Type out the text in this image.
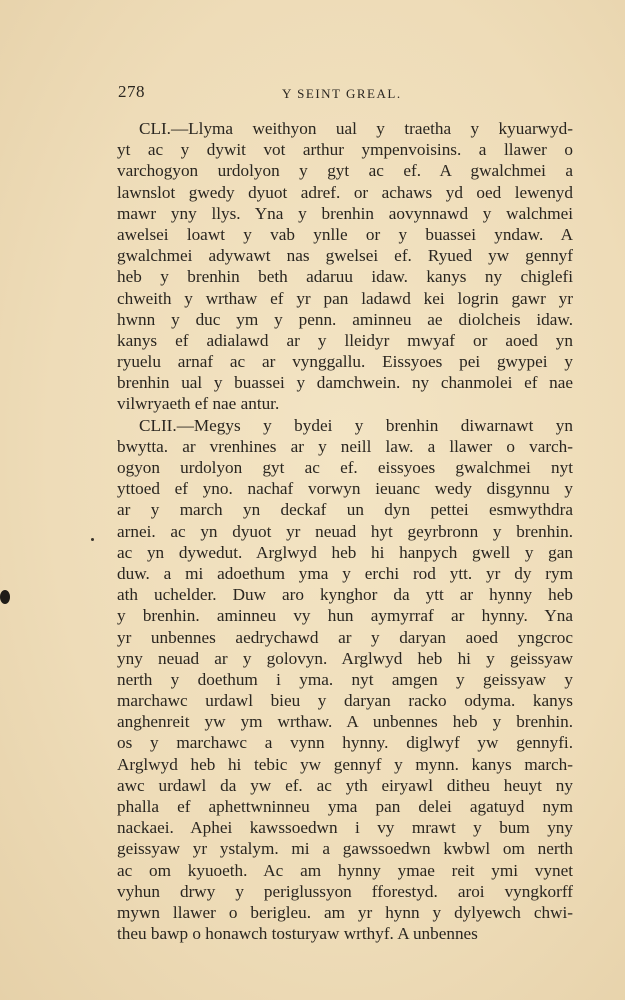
278	Y SEINT GREAL.
CLI.—Llyma weithyon ual y traetha y kyuarwyd-
yt ac y dywit vot arthur ympenvoisins. a llawer o
varchogyon urdolyon y gyt ac ef. A gwalchmei a
lawnslot gwedy dyuot adref. or achaws yd oed lewenyd
mawr yny llys. Yna y brenhin aovynnawd y walchmei
awelsei loawt y vab ynlle or y buassei yndaw. A
gwalchmei adywawt nas gwelsei ef. Ryued yw gennyf
heb y brenhin beth adaruu idaw. kanys ny chiglefi
chweith y wrthaw ef yr pan ladawd kei logrin gawr yr
hwnn y duc ym y penn. aminneu ae diolcheis idaw.
kanys ef adialawd ar y lleidyr mwyaf or aoed yn
ryuelu arnaf ac ar vynggallu. Eissyoes pei gwypei y
brenhin ual y buassei y damchwein. ny chanmolei ef nae
vilwryaeth ef nae antur.
CLII.—Megys y bydei y brenhin diwarnawt yn
bwytta. ar vrenhines ar y neill law. a llawer o varch-
ogyon urdolyon gyt ac ef. eissyoes gwalchmei nyt
yttoed ef yno. nachaf vorwyn ieuanc wedy disgynnu y
ar y march yn deckaf un dyn pettei esmwythdra
arnei. ac yn dyuot yr neuad hyt geyrbronn y brenhin.
ac yn dywedut. Arglwyd heb hi hanpych gwell y gan
duw. a mi adoethum yma y erchi rod ytt. yr dy rym
ath uchelder. Duw aro kynghor da ytt ar hynny heb
y brenhin. aminneu vy hun aymyrraf ar hynny. Yna
yr unbennes aedrychawd ar y daryan aoed yngcroc
yny neuad ar y golovyn. Arglwyd heb hi y geissyaw
nerth y doethum i yma. nyt amgen y geissyaw y
marchawc urdawl bieu y daryan racko odyma. kanys
anghenreit yw ym wrthaw. A unbennes heb y brenhin.
os y marchawc a vynn hynny. diglwyf yw gennyfi.
Arglwyd heb hi tebic yw gennyf y mynn. kanys march-
awc urdawl da yw ef. ac yth eiryawl ditheu heuyt ny
phalla ef aphettwninneu yma pan delei agatuyd nym
nackaei. Aphei kawssoedwn i vy mrawt y bum yny
geissyaw yr ystalym. mi a gawssoedwn kwbwl om nerth
ac om kyuoeth. Ac am hynny ymae reit ymi vynet
vyhun drwy y periglussyon fforestyd. aroi vyngkorff
mywn llawer o berigleu. am yr hynn y dylyewch chwi-
theu bawp o honawch tosturyaw wrthyf. A unbennes
